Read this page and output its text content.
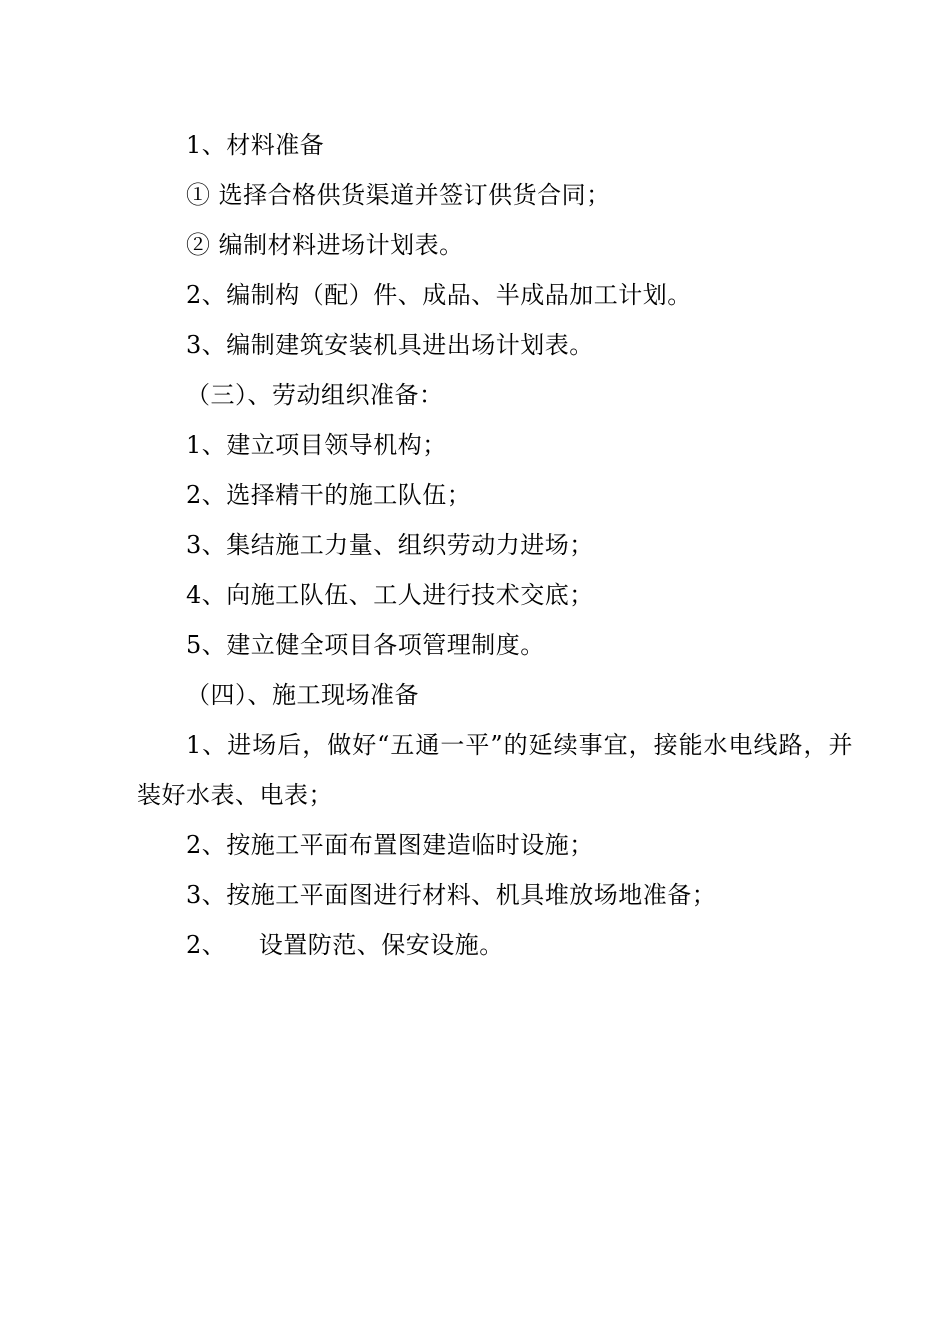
1、材料准备

① 选择合格供货渠道并签订供货合同；

② 编制材料进场计划表。

2、编制构（配）件、成品、半成品加工计划。

3、编制建筑安装机具进出场计划表。

（三）、劳动组织准备：

1、建立项目领导机构；

2、选择精干的施工队伍；

3、集结施工力量、组织劳动力进场；

4、向施工队伍、工人进行技术交底；

5、建立健全项目各项管理制度。

（四）、施工现场准备

1、进场后，做好“五通一平”的延续事宜，接能水电线路，并装好水表、电表；

2、按施工平面布置图建造临时设施；

3、按施工平面图进行材料、机具堆放场地准备；

2、    设置防范、保安设施。
